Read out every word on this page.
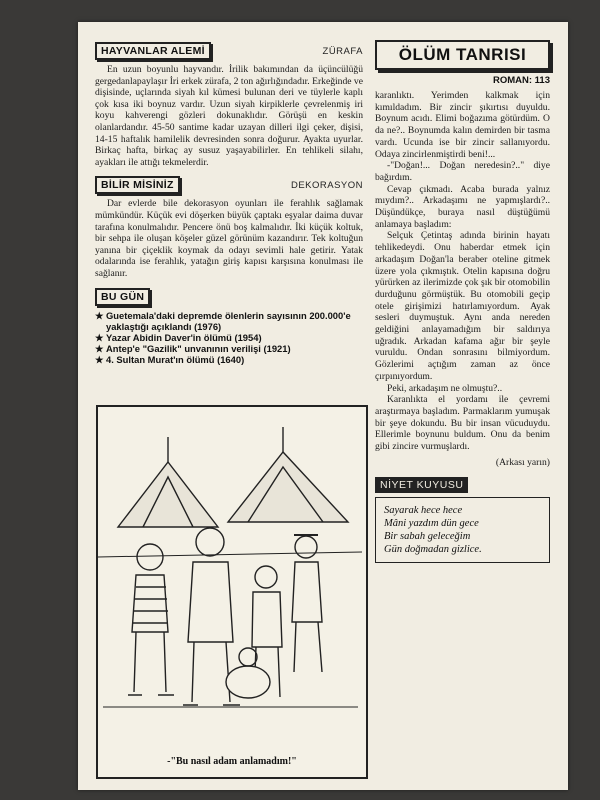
HAYVANLAR ALEMİ	ZÜRAFA

En uzun boyunlu hayvandır. İrilik bakımından da üçüncülüğü gergedanlapaylaşır İri erkek zürafa, 2 ton ağırlığındadır. Erkeğinde ve dişisinde, uçlarında siyah kıl kümesi bulunan deri ve tüylerle kaplı çok kısa iki boynuz vardır. Uzun siyah kirpiklerle çevrelenmiş iri koyu kahverengi gözleri dokunaklıdır. Görüşü en keskin olanlardandır. 45-50 santime kadar uzayan dilleri ilgi çeker, dişisi, 14-15 haftalık hamilelik devresinden sonra doğurur. Ayakta uyurlar. Birkaç hafta, birkaç ay susuz yaşayabilirler. En tehlikeli silahı, ayakları ile attığı tekmelerdir.

BİLİR MİSİNİZ	DEKORASYON

Dar evlerde bile dekorasyon oyunları ile ferahlık sağlamak mümkündür. Küçük evi döşerken büyük çaptakı eşyalar daima duvar tarafına konulmalıdır. Pencere önü boş kalmalıdır. İki küçük koltuk, bir sehpa ile oluşan köşeler güzel görünüm kazandırır. Tek koltuğun yanına bir çiçeklik koymak da odayı sevimli hale getirir. Yatak odalarında ise ferahlık, yatağın giriş kapısı karşısına konulması ile sağlanır.

BU GÜN
★ Guetemala'daki depremde ölenlerin sayısının 200.000'e yaklaştığı açıklandı (1976)
★ Yazar Abidin Daver'in ölümü (1954)
★ Antep'e "Gazilik" unvanının verilişi (1921)
★ 4. Sultan Murat'ın ölümü (1640)
-"Bu nasıl adam anlamadım!"
ÖLÜM TANRISI
ROMAN: 113

karanlıktı. Yerimden kalkmak için kımıldadım. Bir zincir şıkırtısı duyuldu. Boynum acıdı. Elimi boğazıma götürdüm. O da ne?.. Boynumda kalın demirden bir tasma vardı. Ucunda ise bir zincir sallanıyordu. Odaya zincirlenmiştirdi beni!...

-"Doğan!... Doğan neredesin?.." diye bağırdım.

Cevap çıkmadı. Acaba burada yalnız mıydım?.. Arkadaşımı ne yapmışlardı?.. Düşündükçe, buraya nasıl düştüğümü anlamaya başladım:

Selçuk Çetintaş adında birinin hayatı tehlikedeydi. Onu haberdar etmek için arkadaşım Doğan'la beraber oteline gitmek üzere yola çıkmıştık. Otelin kapısına doğru yürürken az ilerimizde çok şık bir otomobilin durduğunu görmüştük. Bu otomobili geçip otele girişimizi hatırlamıyordum. Ayak sesleri duymuştuk. Aynı anda nereden geldiğini anlayamadığım bir saldırıya uğradık. Arkadan kafama ağır bir şeyle vuruldu. Ondan sonrasını bilmiyordum. Gözlerimi açtığım zaman az önce çırpınıyordum.

Peki, arkadaşım ne olmuştu?..

Karanlıkta el yordamı ile çevremi araştırmaya başladım. Parmaklarım yumuşak bir şeye dokundu. Bu bir insan vücuduydu. Ellerimle boynunu buldum. Onu da benim gibi zincire vurmuşlardı.

(Arkası yarın)

NİYET KUYUSU
Sayarak hece hece
Mâni yazdım dün gece
Bir sabah geleceğim
Gün doğmadan gizlice.
